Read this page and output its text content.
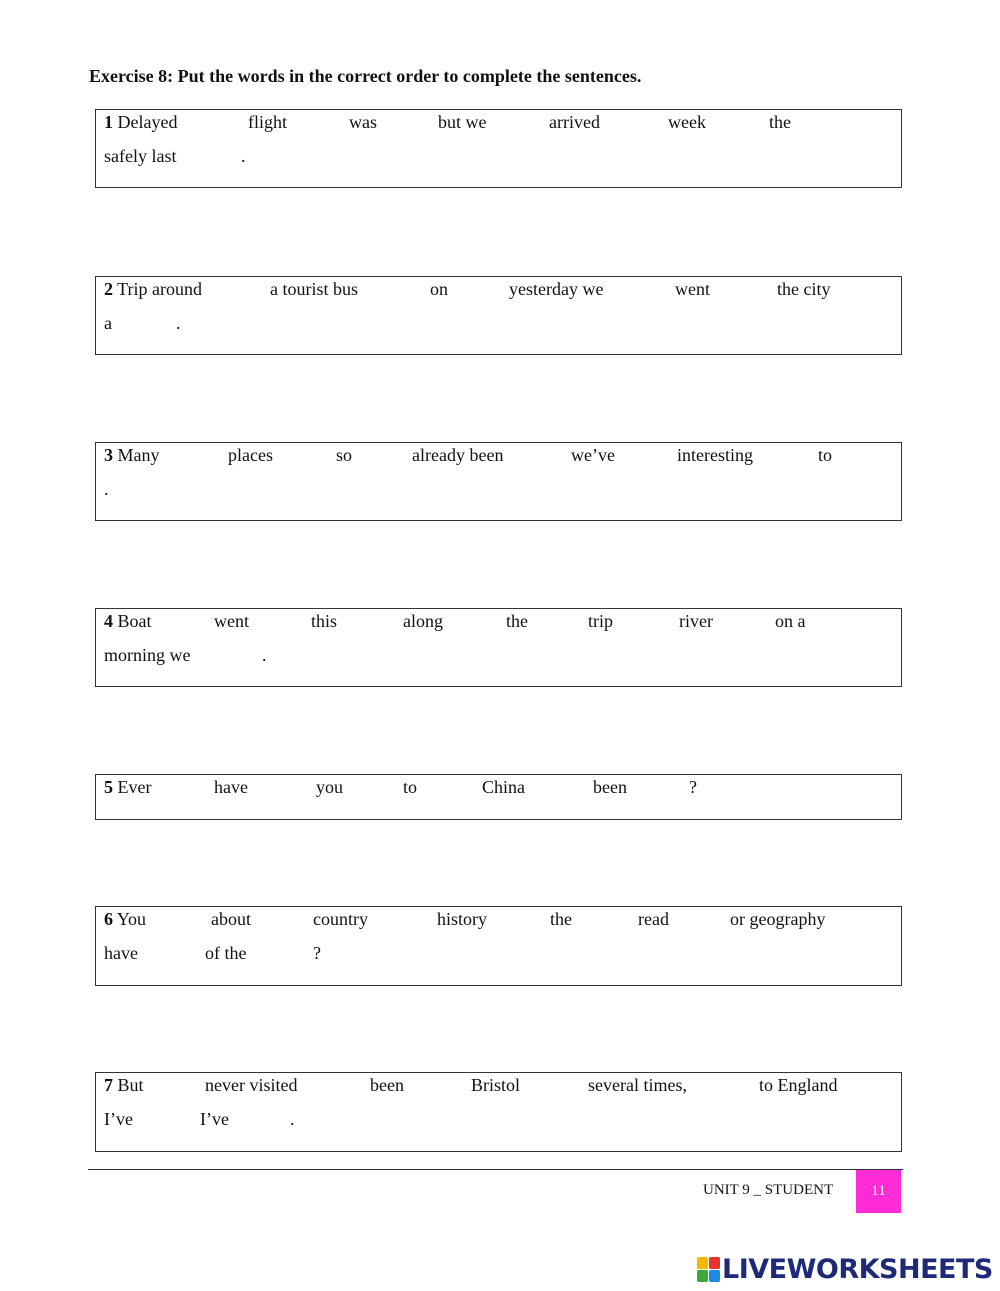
Exercise 8: Put the words in the correct order to complete the sentences.
1 Delayed	flight	was	but we	arrived	week	the
safely last	.
2 Trip around	a tourist bus	on	yesterday we	went	the city
a	.
3 Many	places	so	already been	we’ve	interesting	to
.
4 Boat	went	this	along	the	trip	river	on a
morning we	.
5 Ever	have	you	to	China	been	?
6 You	about	country	history	the	read	or geography
have	of the	?
7 But	never visited	been	Bristol	several times,	to England
I’ve	I’ve	.
UNIT 9 _ STUDENT	11
LIVEWORKSHEETS
